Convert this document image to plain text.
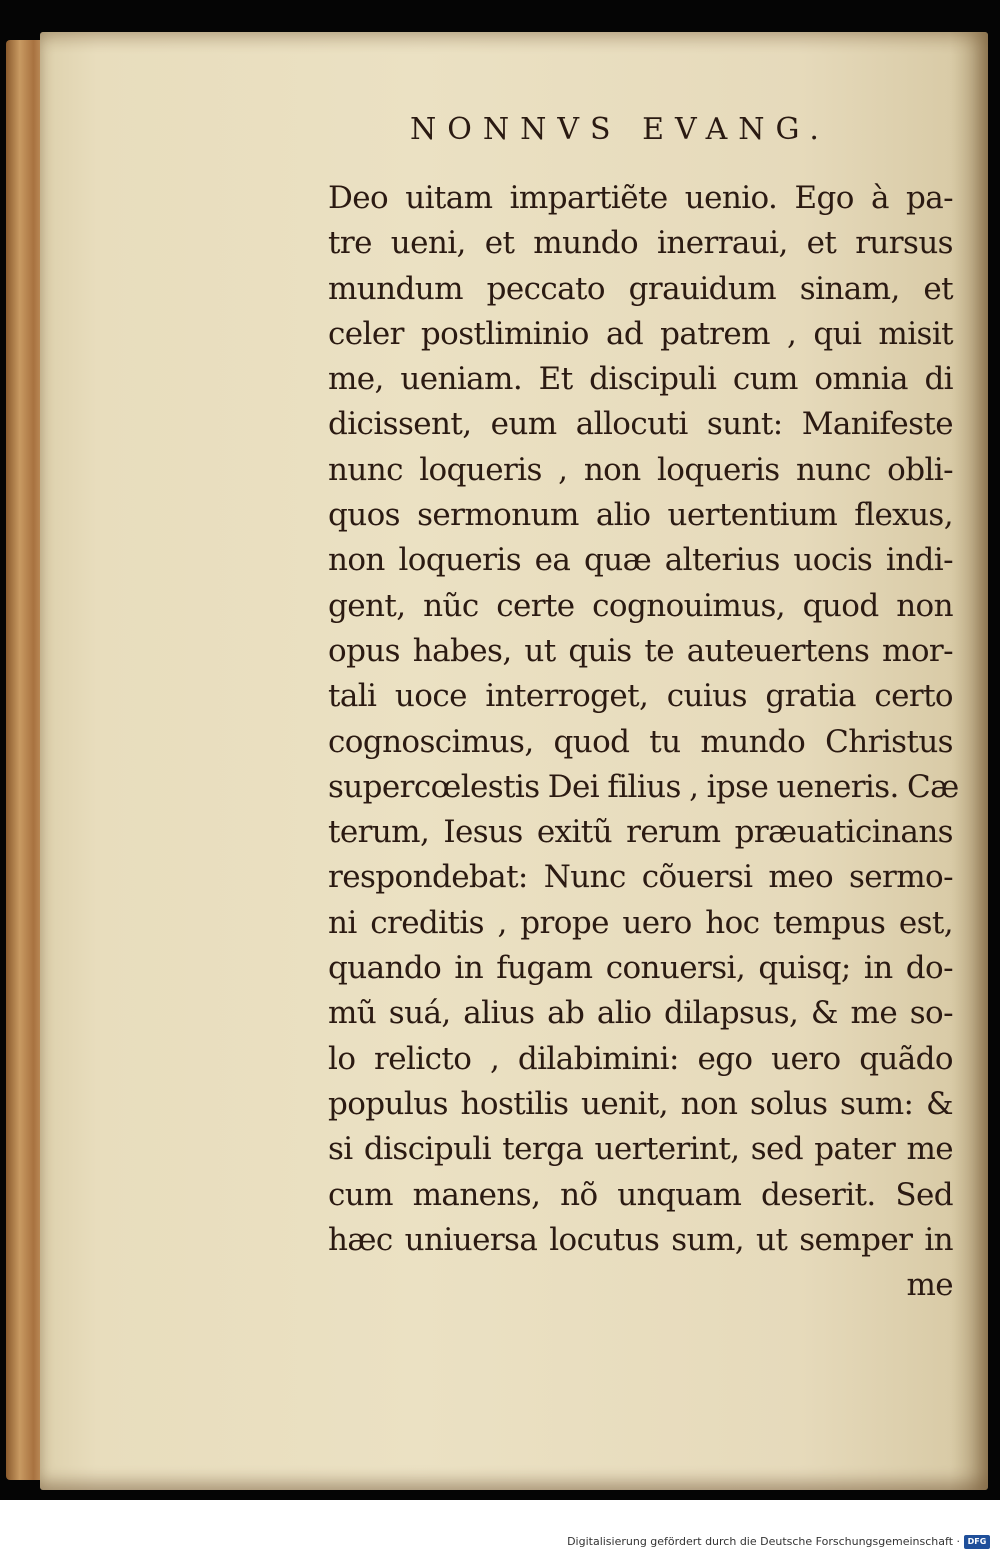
NONNVS EVANG.
Deo uitam impartiẽte uenio. Ego à pa-
tre ueni, et mundo inerraui, et rursus
mundum peccato grauidum sinam, et
celer postliminio ad patrem , qui misit
me, ueniam. Et discipuli cum omnia di
dicissent, eum allocuti sunt: Manifeste
nunc loqueris , non loqueris nunc obli-
quos sermonum alio uertentium flexus,
non loqueris ea quæ alterius uocis indi-
gent, nũc certe cognouimus, quod non
opus habes, ut quis te auteuertens mor-
tali uoce interroget, cuius gratia certo
cognoscimus, quod tu mundo Christus
supercœlestis Dei filius , ipse ueneris. Cæ
terum, Iesus exitũ rerum præuaticinans
respondebat: Nunc cõuersi meo sermo-
ni creditis , prope uero hoc tempus est,
quando in fugam conuersi, quisq; in do-
mũ suá, alius ab alio dilapsus, & me so-
lo relicto , dilabimini: ego uero quãdo
populus hostilis uenit, non solus sum: &
si discipuli terga uerterint, sed pater me
cum manens, nõ unquam deserit. Sed
hæc uniuersa locutus sum, ut semper in
me
Digitalisierung gefördert durch die Deutsche Forschungsgemeinschaft · DFG
